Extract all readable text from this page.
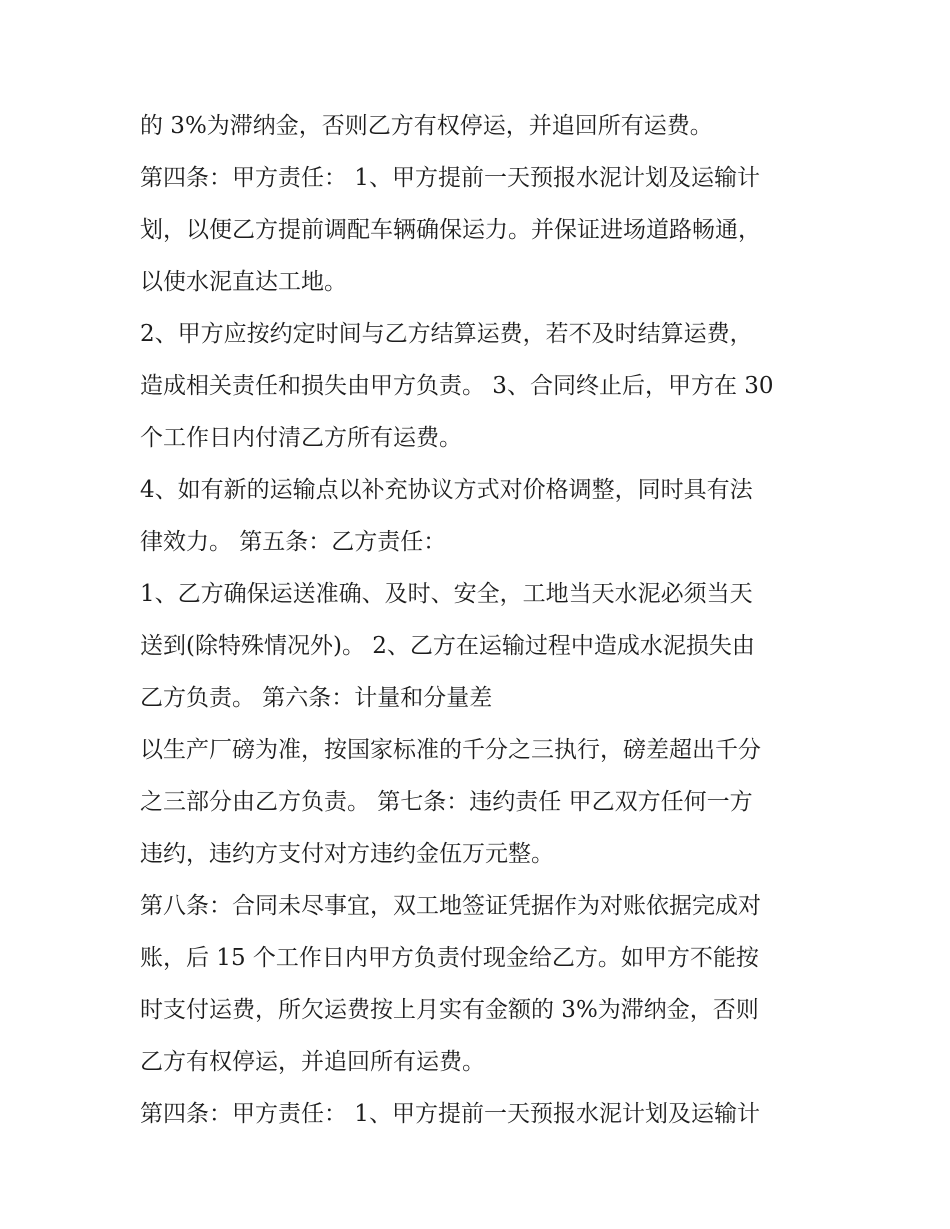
的 3%为滞纳金，否则乙方有权停运，并追回所有运费。
第四条：甲方责任： 1、甲方提前一天预报水泥计划及运输计
划，以便乙方提前调配车辆确保运力。并保证进场道路畅通，
以使水泥直达工地。
2、甲方应按约定时间与乙方结算运费，若不及时结算运费，
造成相关责任和损失由甲方负责。 3、合同终止后，甲方在 30
个工作日内付清乙方所有运费。
4、如有新的运输点以补充协议方式对价格调整，同时具有法
律效力。 第五条：乙方责任：
1、乙方确保运送准确、及时、安全，工地当天水泥必须当天
送到(除特殊情况外)。 2、乙方在运输过程中造成水泥损失由
乙方负责。 第六条：计量和分量差
以生产厂磅为准，按国家标准的千分之三执行，磅差超出千分
之三部分由乙方负责。 第七条：违约责任 甲乙双方任何一方
违约，违约方支付对方违约金伍万元整。
第八条：合同未尽事宜，双工地签证凭据作为对账依据完成对
账，后 15 个工作日内甲方负责付现金给乙方。如甲方不能按
时支付运费，所欠运费按上月实有金额的 3%为滞纳金，否则
乙方有权停运，并追回所有运费。
第四条：甲方责任： 1、甲方提前一天预报水泥计划及运输计
